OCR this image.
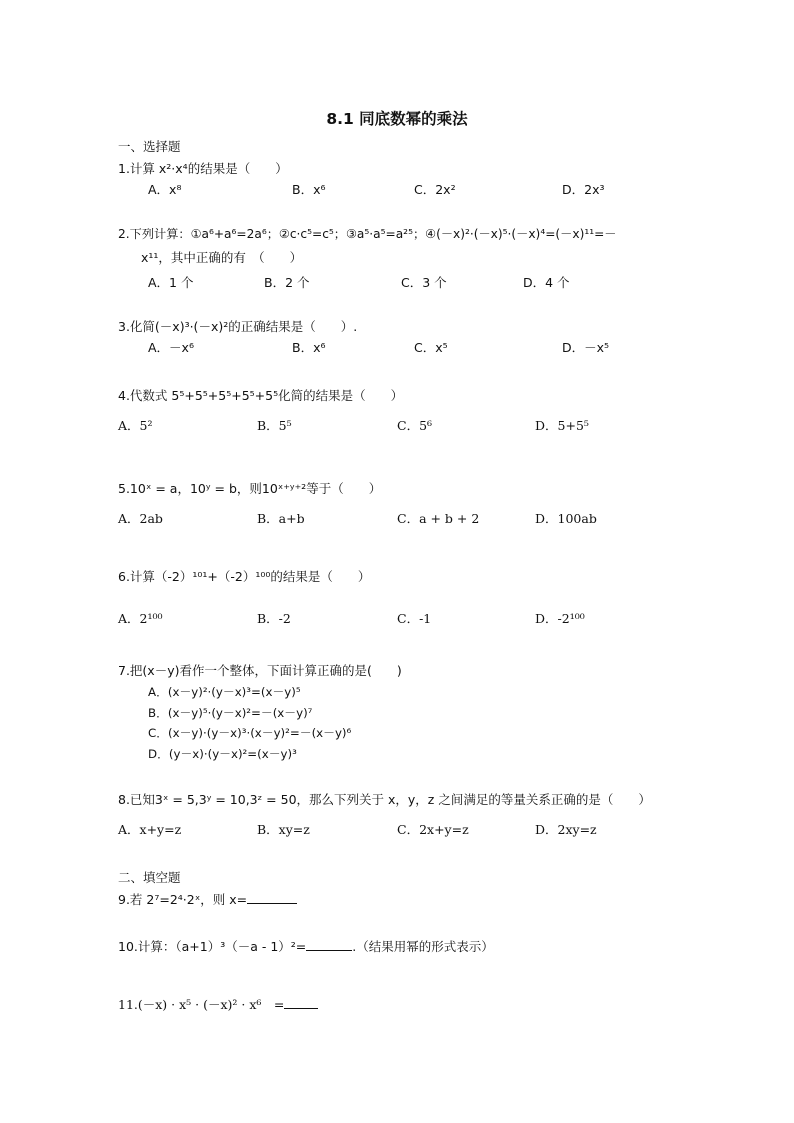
8.1 同底数幂的乘法
一、选择题
1.计算 x²·x⁴的结果是（　　）
A．x⁸	B．x⁶	C．2x²	D．2x³
2.下列计算：①a⁶+a⁶=2a⁶；②c·c⁵=c⁵；③a⁵·a⁵=a²⁵；④(－x)²·(－x)⁵·(－x)⁴=(－x)¹¹=－
x¹¹，其中正确的有　（　　）
A．1 个	B．2 个	C．3 个	D．4 个
3.化简(－x)³·(－x)²的正确结果是（　　）.
A．－x⁶	B．x⁶	C．x⁵	D．－x⁵
4.代数式 5⁵+5⁵+5⁵+5⁵+5⁵化简的结果是（　　）
A．5²	B．5⁵	C．5⁶	D．5+5⁵
5.10ˣ = a，10ʸ = b，则10ˣ⁺ʸ⁺²等于（　　）
A．2ab	B．a+b	C．a + b + 2	D．100ab
6.计算（-2）¹⁰¹+（-2）¹⁰⁰的结果是（　　）
A．2¹⁰⁰	B．-2	C．-1	D．-2¹⁰⁰
7.把(x－y)看作一个整体，下面计算正确的是(　　)
A．(x－y)²·(y－x)³=(x－y)⁵
B．(x－y)⁵·(y－x)²=－(x－y)⁷
C．(x－y)·(y－x)³·(x－y)²=－(x－y)⁶
D．(y－x)·(y－x)²=(x－y)³
8.已知3ˣ = 5,3ʸ = 10,3ᶻ = 50，那么下列关于 x，y，z 之间满足的等量关系正确的是（　　）
A．x+y=z	B．xy=z	C．2x+y=z	D．2xy=z
二、填空题
9.若 2⁷=2⁴·2ˣ，则 x=
10.计算：（a+1）³（－a - 1）²=	.（结果用幂的形式表示）
11.(－x) · x⁵ · (－x)² · x⁶　=
